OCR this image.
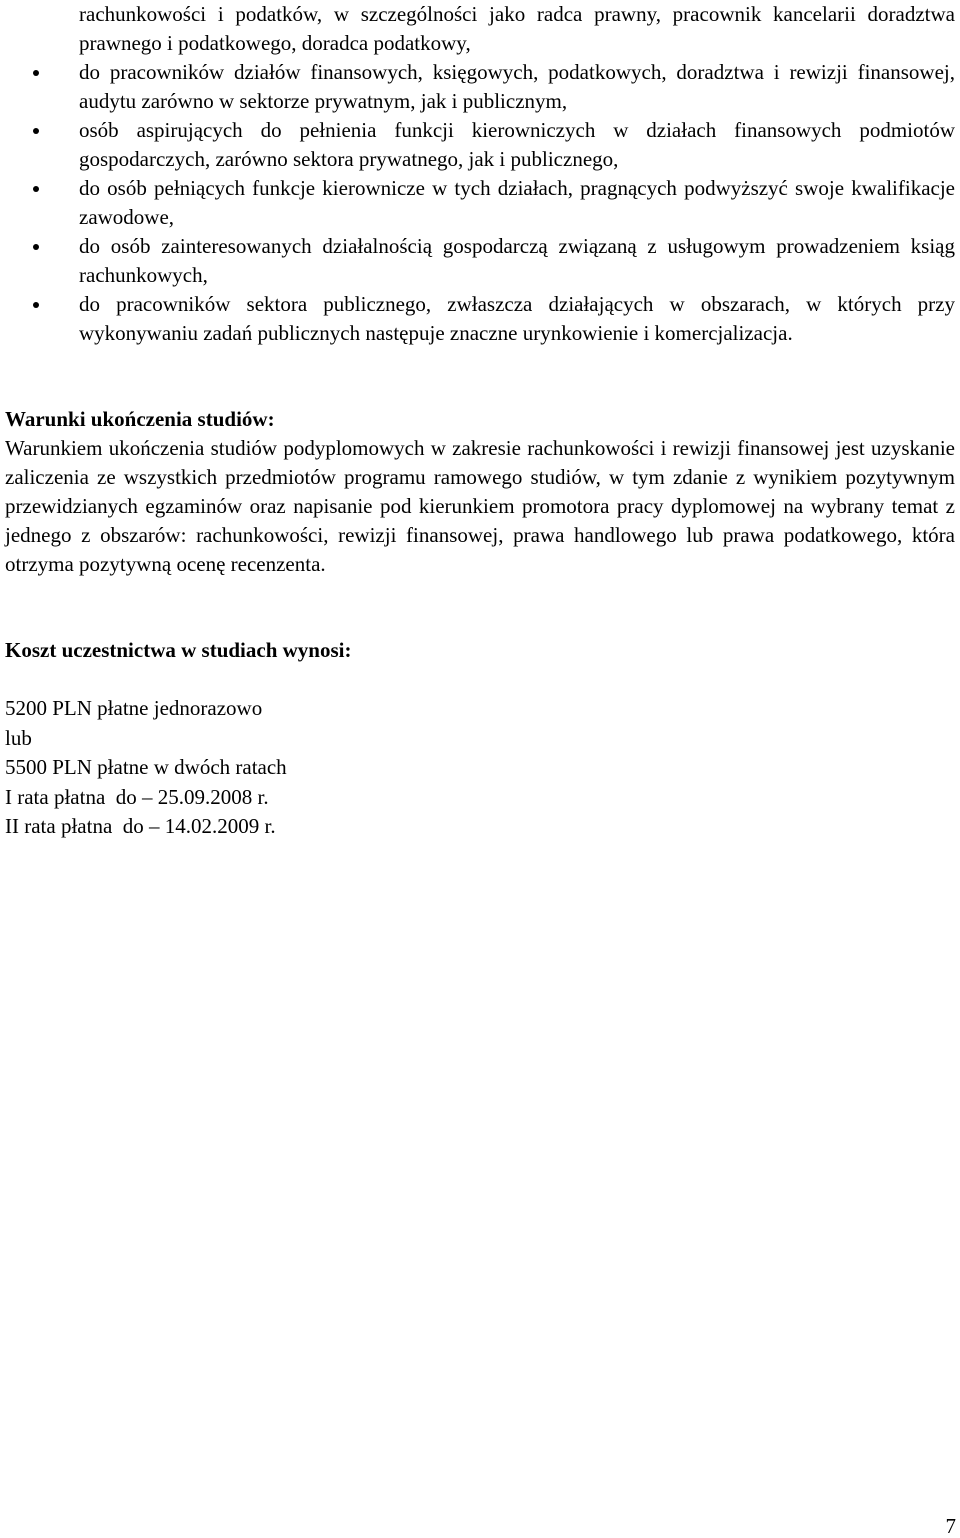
rachunkowości i podatków, w szczególności jako radca prawny, pracownik kancelarii doradztwa prawnego i podatkowego, doradca podatkowy,
do pracowników działów finansowych, księgowych, podatkowych, doradztwa i rewizji finansowej, audytu zarówno w sektorze prywatnym, jak i publicznym,
osób aspirujących do pełnienia funkcji kierowniczych w działach finansowych podmiotów gospodarczych, zarówno sektora prywatnego, jak i publicznego,
do osób pełniących funkcje kierownicze w tych działach, pragnących podwyższyć swoje kwalifikacje zawodowe,
do osób zainteresowanych działalnością gospodarczą związaną z usługowym prowadzeniem ksiąg rachunkowych,
do pracowników sektora publicznego, zwłaszcza działających w obszarach, w których przy wykonywaniu zadań publicznych następuje znaczne urynkowienie i komercjalizacja.
Warunki ukończenia studiów:
Warunkiem ukończenia studiów podyplomowych w zakresie rachunkowości i rewizji finansowej jest uzyskanie zaliczenia ze wszystkich przedmiotów programu ramowego studiów, w tym zdanie z wynikiem pozytywnym przewidzianych egzaminów oraz napisanie pod kierunkiem promotora pracy dyplomowej na wybrany temat z jednego z obszarów: rachunkowości, rewizji finansowej, prawa handlowego lub prawa podatkowego, która otrzyma pozytywną ocenę recenzenta.
Koszt uczestnictwa w studiach wynosi:

5200 PLN płatne jednorazowo

lub

5500 PLN płatne w dwóch ratach

I rata płatna  do – 25.09.2008 r.

II rata płatna  do – 14.02.2009 r.

7
